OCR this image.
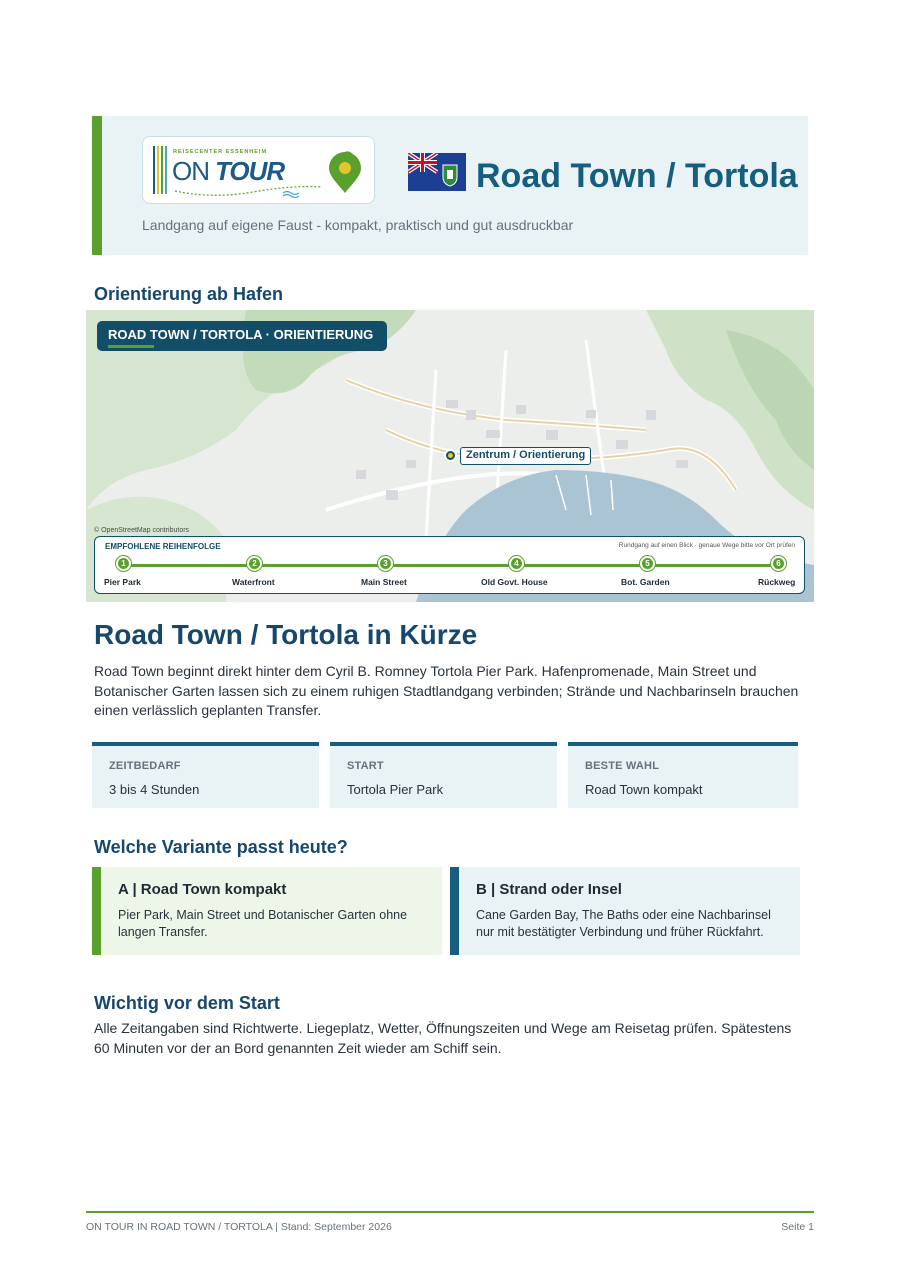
REISECENTER ESSENHEIM
ON TOUR	Road Town / Tortola
Landgang auf eigene Faust - kompakt, praktisch und gut ausdruckbar
Orientierung ab Hafen
ROAD TOWN / TORTOLA · ORIENTIERUNG
Zentrum / Orientierung
© OpenStreetMap contributors
EMPFOHLENE REIHENFOLGE	Rundgang auf einen Blick · genaue Wege bitte vor Ort prüfen
1	2	3	4	5	6
Pier Park	Waterfront	Main Street	Old Govt. House	Bot. Garden	Rückweg
Road Town / Tortola in Kürze
Road Town beginnt direkt hinter dem Cyril B. Romney Tortola Pier Park. Hafenpromenade, Main Street und Botanischer Garten lassen sich zu einem ruhigen Stadtlandgang verbinden; Strände und Nachbarinseln brauchen einen verlässlich geplanten Transfer.
ZEITBEDARF
3 bis 4 Stunden
START
Tortola Pier Park
BESTE WAHL
Road Town kompakt
Welche Variante passt heute?
A | Road Town kompakt
Pier Park, Main Street und Botanischer Garten ohne langen Transfer.
B | Strand oder Insel
Cane Garden Bay, The Baths oder eine Nachbarinsel nur mit bestätigter Verbindung und früher Rückfahrt.
Wichtig vor dem Start
Alle Zeitangaben sind Richtwerte. Liegeplatz, Wetter, Öffnungszeiten und Wege am Reisetag prüfen. Spätestens 60 Minuten vor der an Bord genannten Zeit wieder am Schiff sein.
ON TOUR IN ROAD TOWN / TORTOLA | Stand: September 2026	Seite 1
